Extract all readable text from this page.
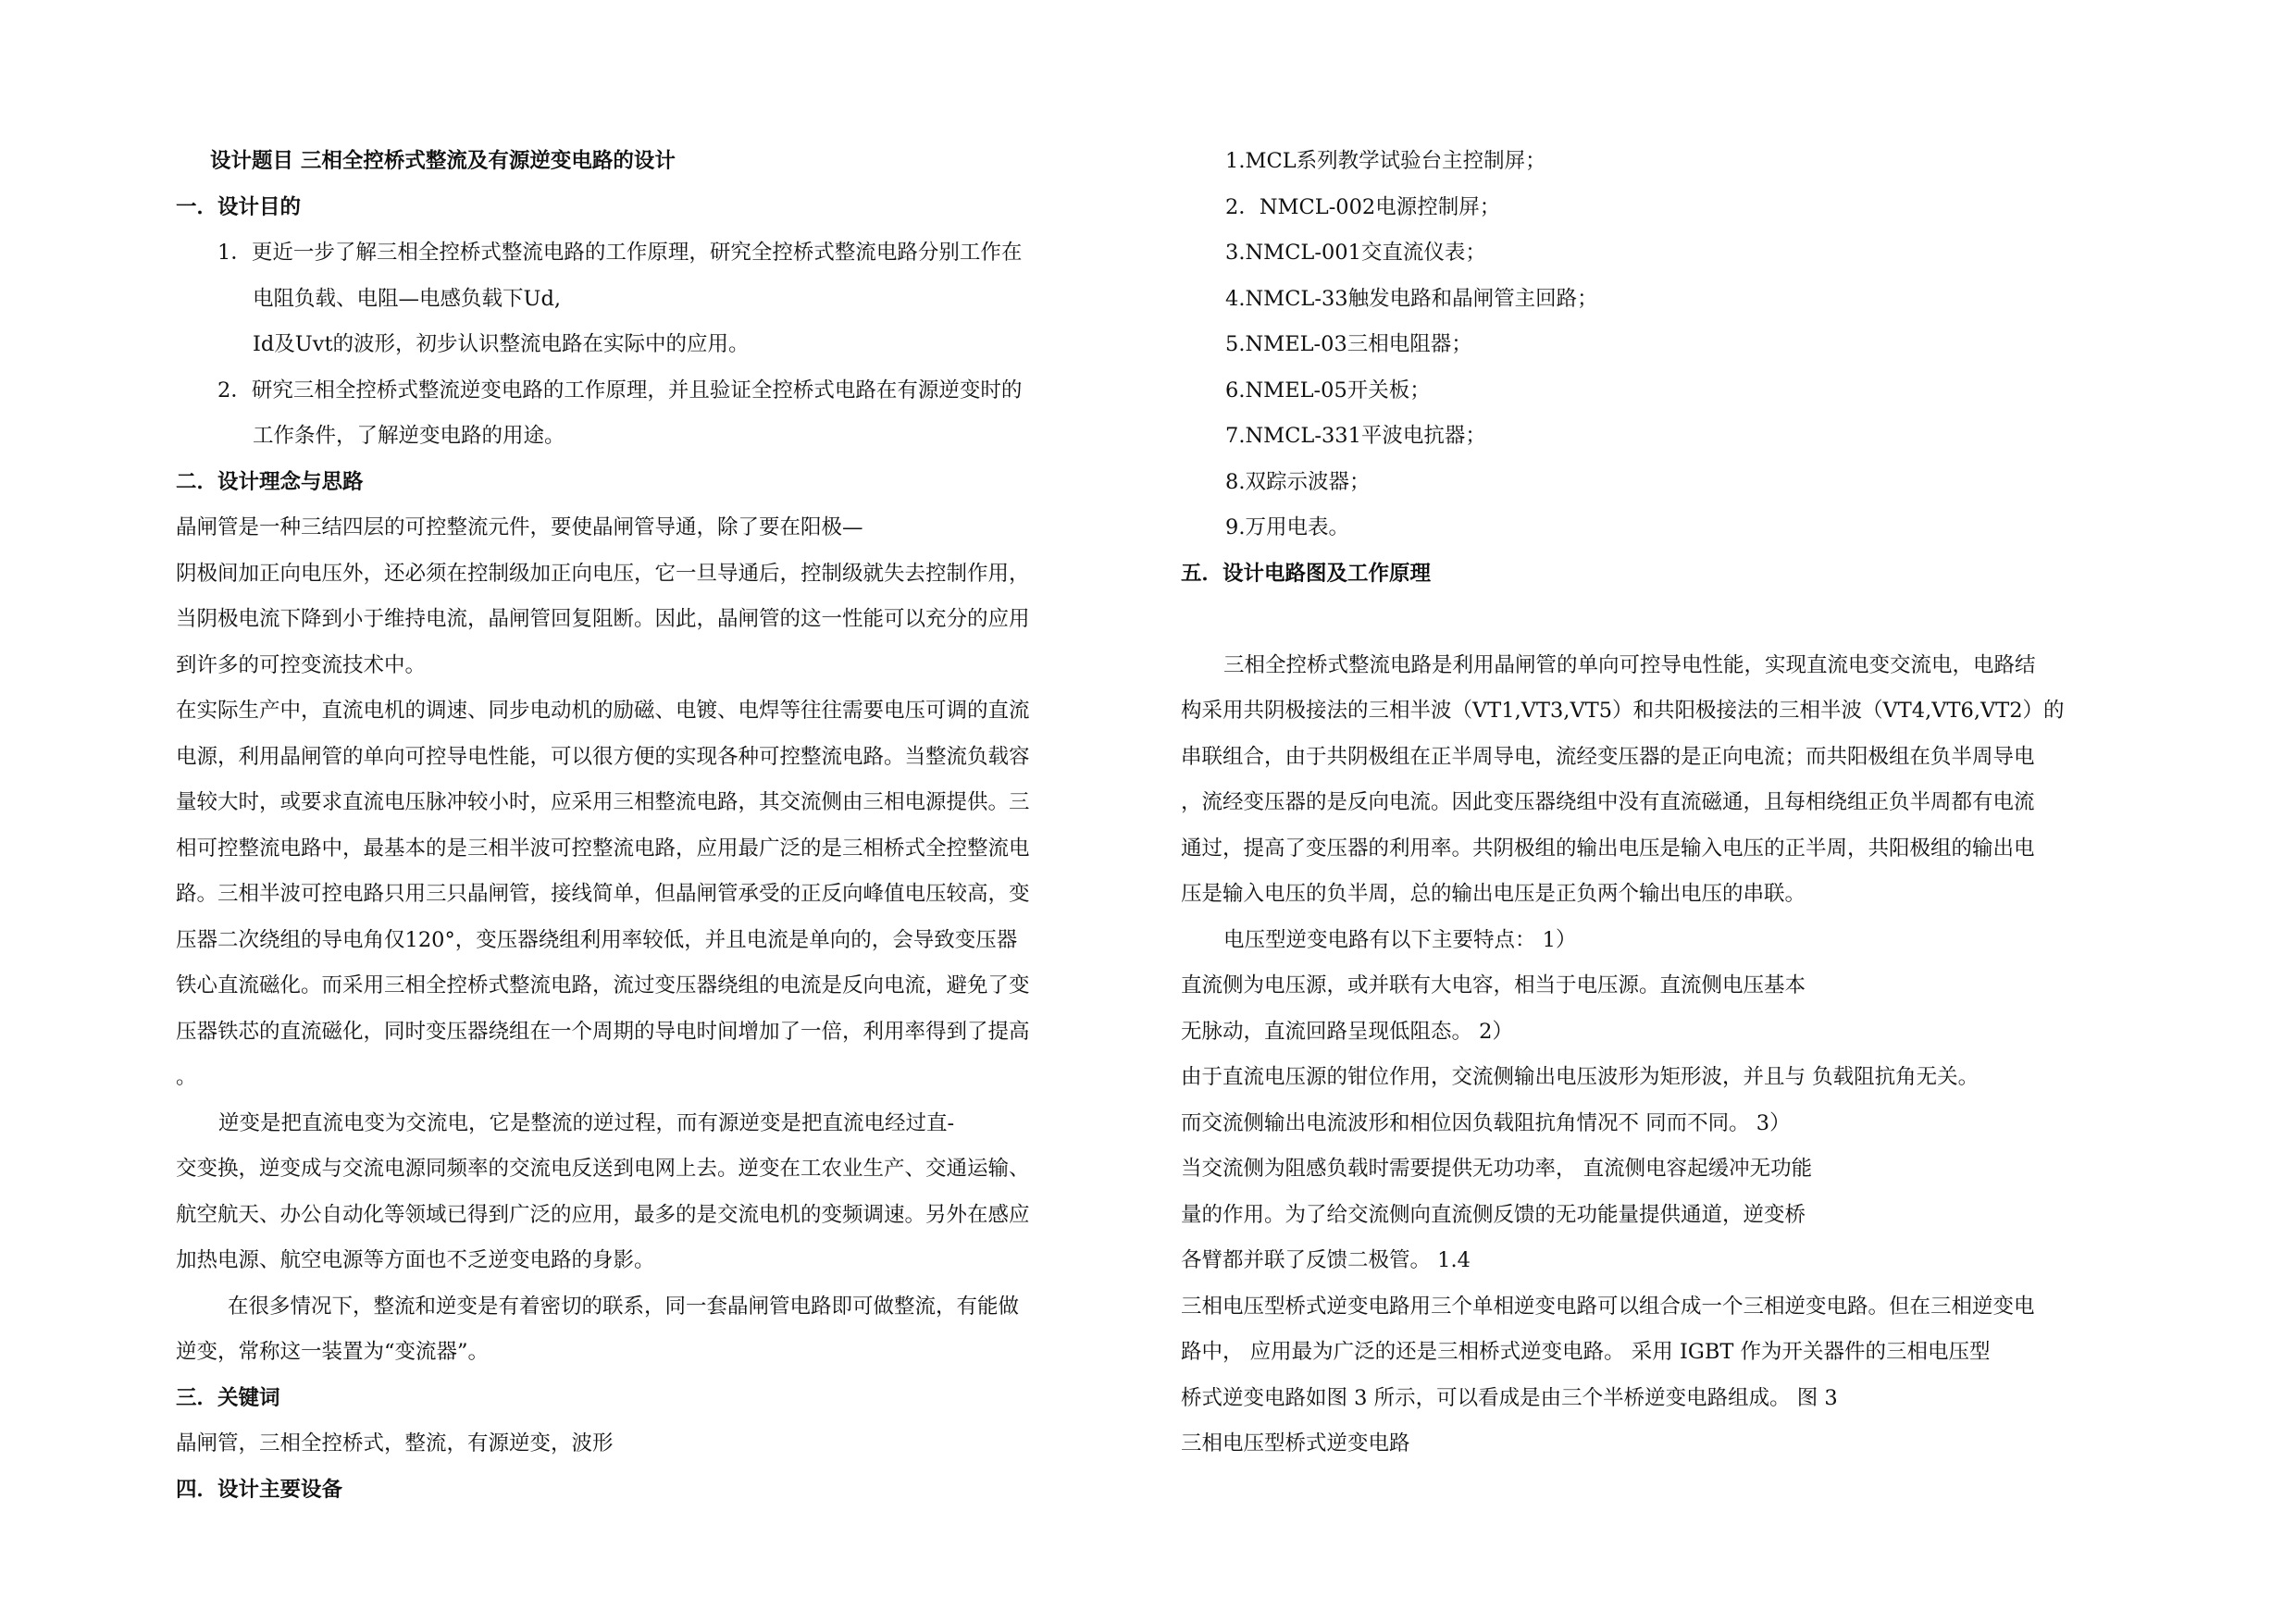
设计题目 三相全控桥式整流及有源逆变电路的设计
一．设计目的
1．更近一步了解三相全控桥式整流电路的工作原理，研究全控桥式整流电路分别工作在
电阻负载、电阻—电感负载下Ud,
Id及Uvt的波形，初步认识整流电路在实际中的应用。
2．研究三相全控桥式整流逆变电路的工作原理，并且验证全控桥式电路在有源逆变时的
工作条件，了解逆变电路的用途。
二．设计理念与思路
晶闸管是一种三结四层的可控整流元件，要使晶闸管导通，除了要在阳极—
阴极间加正向电压外，还必须在控制级加正向电压，它一旦导通后，控制级就失去控制作用，
当阴极电流下降到小于维持电流，晶闸管回复阻断。因此，晶闸管的这一性能可以充分的应用
到许多的可控变流技术中。
在实际生产中，直流电机的调速、同步电动机的励磁、电镀、电焊等往往需要电压可调的直流
电源，利用晶闸管的单向可控导电性能，可以很方便的实现各种可控整流电路。当整流负载容
量较大时，或要求直流电压脉冲较小时，应采用三相整流电路，其交流侧由三相电源提供。三
相可控整流电路中，最基本的是三相半波可控整流电路，应用最广泛的是三相桥式全控整流电
路。三相半波可控电路只用三只晶闸管，接线简单，但晶闸管承受的正反向峰值电压较高，变
压器二次绕组的导电角仅120°，变压器绕组利用率较低，并且电流是单向的，会导致变压器
铁心直流磁化。而采用三相全控桥式整流电路，流过变压器绕组的电流是反向电流，避免了变
压器铁芯的直流磁化，同时变压器绕组在一个周期的导电时间增加了一倍，利用率得到了提高
。
逆变是把直流电变为交流电，它是整流的逆过程，而有源逆变是把直流电经过直-
交变换，逆变成与交流电源同频率的交流电反送到电网上去。逆变在工农业生产、交通运输、
航空航天、办公自动化等领域已得到广泛的应用，最多的是交流电机的变频调速。另外在感应
加热电源、航空电源等方面也不乏逆变电路的身影。
在很多情况下，整流和逆变是有着密切的联系，同一套晶闸管电路即可做整流，有能做
逆变，常称这一装置为“变流器”。
三．关键词
晶闸管，三相全控桥式，整流，有源逆变，波形
四．设计主要设备
1.MCL系列教学试验台主控制屏；
2．NMCL-002电源控制屏；
3.NMCL-001交直流仪表；
4.NMCL-33触发电路和晶闸管主回路；
5.NMEL-03三相电阻器；
6.NMEL-05开关板；
7.NMCL-331平波电抗器；
8.双踪示波器；
9.万用电表。
五．设计电路图及工作原理
三相全控桥式整流电路是利用晶闸管的单向可控导电性能，实现直流电变交流电，电路结
构采用共阴极接法的三相半波（VT1,VT3,VT5）和共阳极接法的三相半波（VT4,VT6,VT2）的
串联组合，由于共阴极组在正半周导电，流经变压器的是正向电流；而共阳极组在负半周导电
，流经变压器的是反向电流。因此变压器绕组中没有直流磁通，且每相绕组正负半周都有电流
通过，提高了变压器的利用率。共阴极组的输出电压是输入电压的正半周，共阳极组的输出电
压是输入电压的负半周，总的输出电压是正负两个输出电压的串联。
电压型逆变电路有以下主要特点： 1）
直流侧为电压源，或并联有大电容，相当于电压源。直流侧电压基本
无脉动，直流回路呈现低阻态。 2）
由于直流电压源的钳位作用，交流侧输出电压波形为矩形波，并且与 负载阻抗角无关。
而交流侧输出电流波形和相位因负载阻抗角情况不 同而不同。 3）
当交流侧为阻感负载时需要提供无功功率， 直流侧电容起缓冲无功能
量的作用。为了给交流侧向直流侧反馈的无功能量提供通道，逆变桥
各臂都并联了反馈二极管。 1.4
三相电压型桥式逆变电路用三个单相逆变电路可以组合成一个三相逆变电路。但在三相逆变电
路中， 应用最为广泛的还是三相桥式逆变电路。 采用 IGBT 作为开关器件的三相电压型
桥式逆变电路如图 3 所示，可以看成是由三个半桥逆变电路组成。 图 3
三相电压型桥式逆变电路
